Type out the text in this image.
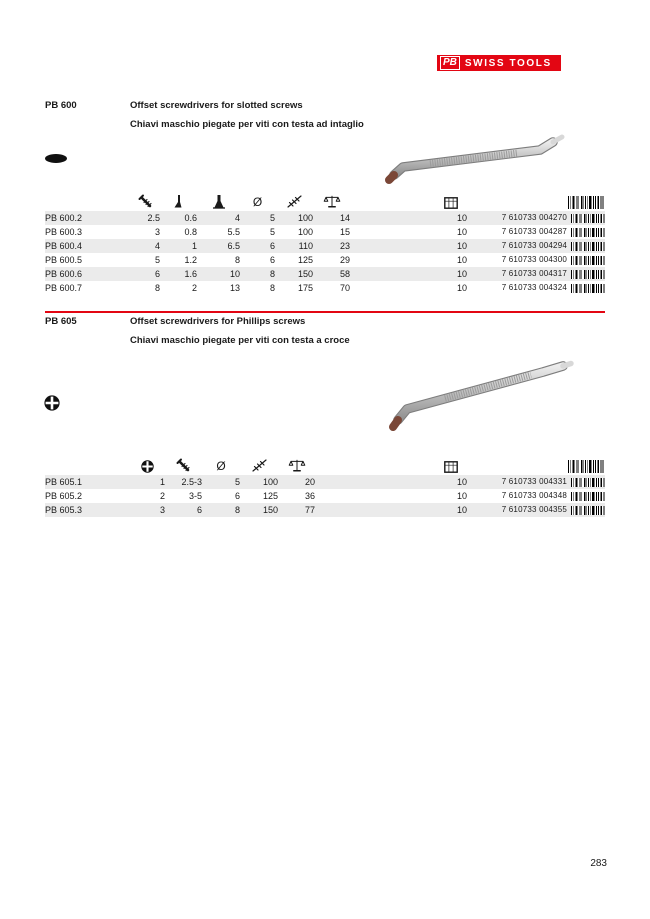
PB SWISS TOOLS
PB 600	Offset screwdrivers for slotted screws
Chiavi maschio piegate per viti con testa ad intaglio
Ø
PB 600.2	2.5	0.6	4	5	100	14	10	7 610733 004270
PB 600.3	3	0.8	5.5	5	100	15	10	7 610733 004287
PB 600.4	4	1	6.5	6	110	23	10	7 610733 004294
PB 600.5	5	1.2	8	6	125	29	10	7 610733 004300
PB 600.6	6	1.6	10	8	150	58	10	7 610733 004317
PB 600.7	8	2	13	8	175	70	10	7 610733 004324
PB 605	Offset screwdrivers for Phillips screws
Chiavi maschio piegate per viti con testa a croce
Ø
PB 605.1	1	2.5-3	5	100	20	10	7 610733 004331
PB 605.2	2	3-5	6	125	36	10	7 610733 004348
PB 605.3	3	6	8	150	77	10	7 610733 004355
283
